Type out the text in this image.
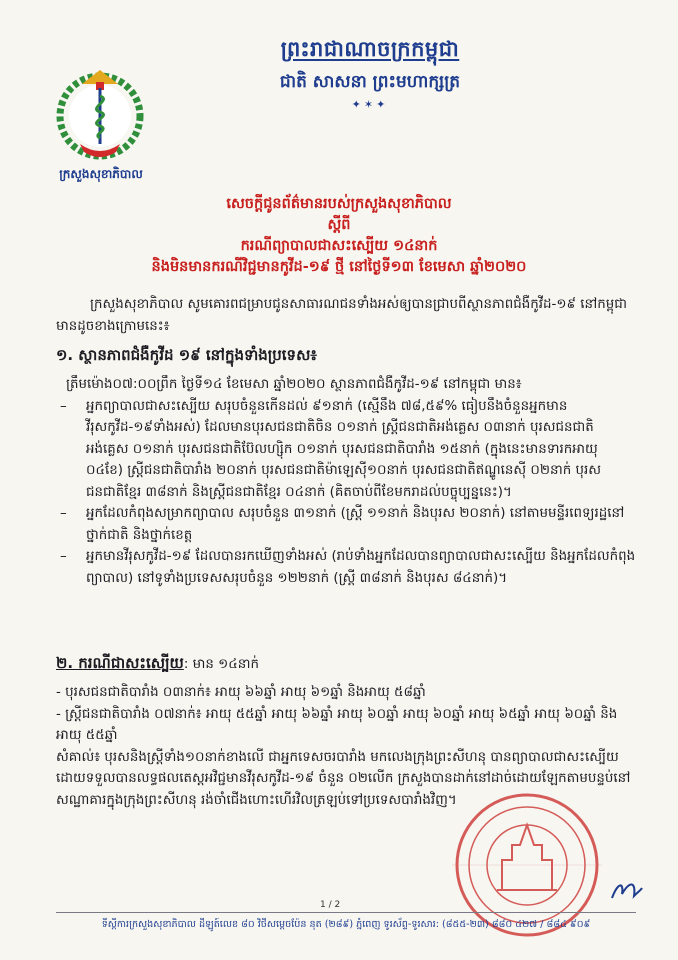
ក្រសួងសុខាភិបាល
ព្រះរាជាណាចក្រកម្ពុជា
ជាតិ សាសនា ព្រះមហាក្សត្រ
✦✶✦
សេចក្តីជូនព័ត៌មានរបស់ក្រសួងសុខាភិបាល
ស្តីពី
ករណីព្យាបាលជាសះស្បើយ ១៤នាក់
និងមិនមានករណីវិជ្ជមានកូវីដ-១៩ ថ្មី នៅថ្ងៃទី១៣ ខែមេសា ឆ្នាំ២០២០
ក្រសួងសុខាភិបាល សូមគោរពជម្រាបជូនសាធារណជនទាំងអស់ឲ្យបានជ្រាបពីស្ថានភាពជំងឺកូវីដ-១៩ នៅកម្ពុជា មានដូចខាងក្រោមនេះ៖
១. ស្ថានភាពជំងឺកូវីដ ១៩ នៅក្នុងទាំងប្រទេស៖

ត្រឹមម៉ោង០៧:០០ព្រឹក ថ្ងៃទី១៤ ខែមេសា ឆ្នាំ២០២០ ស្ថានភាពជំងឺកូវីដ-១៩ នៅកម្ពុជា មាន៖

– អ្នកព្យាបាលជាសះស្បើយ សរុបចំនួនកើនដល់ ៩១នាក់ (ស្មើនឹង ៧៨,៥៩% ធៀបនឹងចំនួនអ្នកមានវីរុសកូវីដ-១៩ទាំងអស់) ដែលមានបុរសជនជាតិចិន ០១នាក់ ស្ត្រីជនជាតិអង់គ្លេស ០៣នាក់ បុរសជនជាតិអង់គ្លេស ០១នាក់ បុរសជនជាតិប៊ែលហ្ស៊ិក ០១នាក់ បុរសជនជាតិបារាំង ១៥នាក់ (ក្នុងនេះមានទារកអាយុ ០៤ខែ) ស្ត្រីជនជាតិបារាំង ២០នាក់ បុរសជនជាតិម៉ាឡេស៊ី១០នាក់ បុរសជនជាតិឥណ្ឌូនេស៊ី ០២នាក់ បុរសជនជាតិខ្មែរ ៣៨នាក់ និងស្ត្រីជនជាតិខ្មែរ ០៤នាក់ (គិតចាប់ពីខែមករាដល់បច្ចុប្បន្ននេះ)។

– អ្នកដែលកំពុងសម្រាកព្យាបាល សរុបចំនួន ៣១នាក់ (ស្ត្រី ១១នាក់ និងបុរស ២០នាក់) នៅតាមមន្ទីរពេទ្យរដ្ឋនៅថ្នាក់ជាតិ និងថ្នាក់ខេត្ត

– អ្នកមានវីរុសកូវីដ-១៩ ដែលបានរកឃើញទាំងអស់ (រាប់ទាំងអ្នកដែលបានព្យាបាលជាសះស្បើយ និងអ្នកដែលកំពុងព្យាបាល) នៅទូទាំងប្រទេសសរុបចំនួន ១២២នាក់ (ស្ត្រី ៣៨នាក់ និងបុរស ៨៤នាក់)។

២. ករណីជាសះស្បើយ: មាន ១៤នាក់

- បុរសជនជាតិបារាំង ០៣នាក់៖ អាយុ ៦៦ឆ្នាំ អាយុ ៦១ឆ្នាំ និងអាយុ ៥៨ឆ្នាំ

- ស្ត្រីជនជាតិបារាំង ០៧នាក់៖ អាយុ ៥៥ឆ្នាំ អាយុ ៦៦ឆ្នាំ អាយុ ៦០ឆ្នាំ អាយុ ៦០ឆ្នាំ អាយុ ៦៥ឆ្នាំ អាយុ ៦០ឆ្នាំ និងអាយុ ៥៥ឆ្នាំ

សំគាល់៖ បុរសនិងស្ត្រីទាំង១០នាក់ខាងលើ ជាអ្នកទេសចរបារាំង មកលេងក្រុងព្រះសីហនុ បានព្យាបាលជាសះស្បើយ ដោយទទួលបានលទ្ធផលតេស្តអវិជ្ជមានវីរុសកូវីដ-១៩ ចំនួន ០២លើក ក្រសួងបានដាក់នៅដាច់ដោយឡែកតាមបន្ទប់នៅសណ្ឋាគារក្នុងក្រុងព្រះសីហនុ រង់ចាំជើងហោះហើរវិលត្រឡប់ទៅប្រទេសបារាំងវិញ។

1 / 2
ទីស្តីការក្រសួងសុខាភិបាល ដីឡូត៍លេខ ៨០ វិថីសម្តេចប៉ែន នុត (២៨៩) ភ្នំពេញ ទូរស័ព្ទ-ទូរសារ: (៨៥៥-២៣) ៨៨០ ៤២៧ / ៨៨៤ ៩០៩
